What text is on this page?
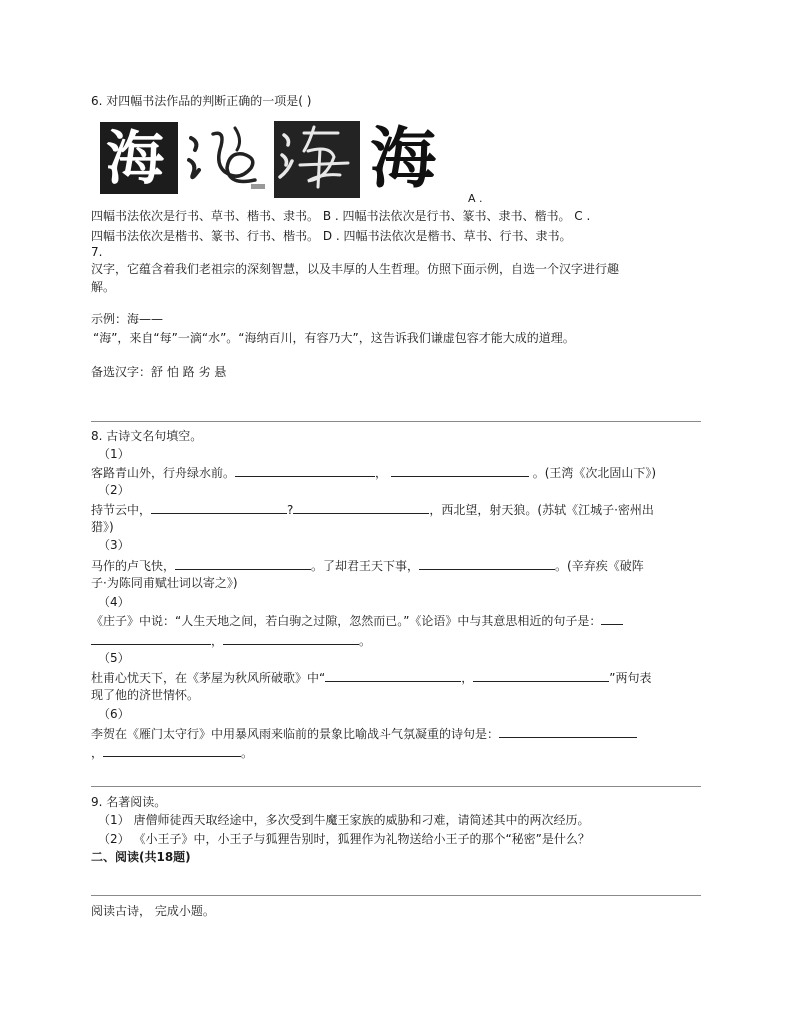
6. 对四幅书法作品的判断正确的一项是( )
海	海
A .
四幅书法依次是行书、草书、楷书、隶书。 B . 四幅书法依次是行书、篆书、隶书、楷书。 C .
四幅书法依次是楷书、篆书、行书、楷书。 D . 四幅书法依次是楷书、草书、行书、隶书。
7.
汉字，它蕴含着我们老祖宗的深刻智慧，以及丰厚的人生哲理。仿照下面示例，自选一个汉字进行趣
解。
示例：海——
“海”，来自“每”一滴“水”。“海纳百川，有容乃大”，这告诉我们谦虚包容才能大成的道理。
备选汉字：舒 怕 路 劣 悬
8. 古诗文名句填空。
（1）
客路青山外，行舟绿水前。	，	。(王湾《次北固山下》)
（2）
持节云中，	?	，西北望，射天狼。(苏轼《江城子·密州出
猎》)
（3）
马作的卢飞快，	。了却君王天下事，	。(辛弃疾《破阵
子·为陈同甫赋壮词以寄之》)
（4）
《庄子》中说：“人生天地之间，若白驹之过隙，忽然而已。”《论语》中与其意思相近的句子是：
，	。
（5）
杜甫心忧天下，在《茅屋为秋风所破歌》中“	，	”两句表
现了他的济世情怀。
（6）
李贺在《雁门太守行》中用暴风雨来临前的景象比喻战斗气氛凝重的诗句是：
，	。
9. 名著阅读。
（1） 唐僧师徒西天取经途中，多次受到牛魔王家族的威胁和刁难，请简述其中的两次经历。
（2） 《小王子》中，小王子与狐狸告别时，狐狸作为礼物送给小王子的那个“秘密”是什么？
二、阅读(共18题)
阅读古诗， 完成小题。
